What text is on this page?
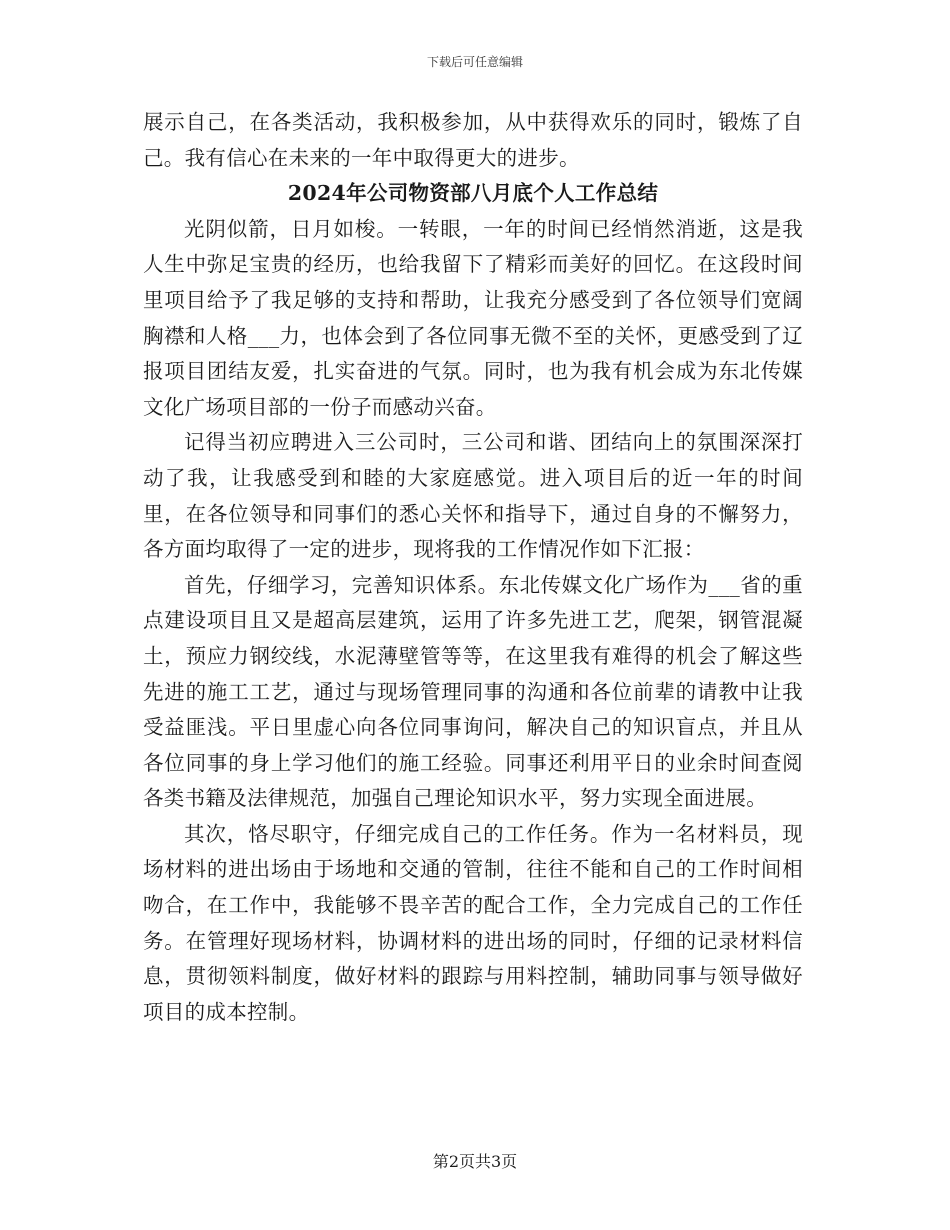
下载后可任意编辑

展示自己，在各类活动，我积极参加，从中获得欢乐的同时，锻炼了自己。我有信心在未来的一年中取得更大的进步。

2024年公司物资部八月底个人工作总结

光阴似箭，日月如梭。一转眼，一年的时间已经悄然消逝，这是我人生中弥足宝贵的经历，也给我留下了精彩而美好的回忆。在这段时间里项目给予了我足够的支持和帮助，让我充分感受到了各位领导们宽阔胸襟和人格___力，也体会到了各位同事无微不至的关怀，更感受到了辽报项目团结友爱，扎实奋进的气氛。同时，也为我有机会成为东北传媒文化广场项目部的一份子而感动兴奋。

记得当初应聘进入三公司时，三公司和谐、团结向上的氛围深深打动了我，让我感受到和睦的大家庭感觉。进入项目后的近一年的时间里，在各位领导和同事们的悉心关怀和指导下，通过自身的不懈努力，各方面均取得了一定的进步，现将我的工作情况作如下汇报：

首先，仔细学习，完善知识体系。东北传媒文化广场作为___省的重点建设项目且又是超高层建筑，运用了许多先进工艺，爬架，钢管混凝土，预应力钢绞线，水泥薄壁管等等，在这里我有难得的机会了解这些先进的施工工艺，通过与现场管理同事的沟通和各位前辈的请教中让我受益匪浅。平日里虚心向各位同事询问，解决自己的知识盲点，并且从各位同事的身上学习他们的施工经验。同事还利用平日的业余时间查阅各类书籍及法律规范，加强自己理论知识水平，努力实现全面进展。

其次，恪尽职守，仔细完成自己的工作任务。作为一名材料员，现场材料的进出场由于场地和交通的管制，往往不能和自己的工作时间相吻合，在工作中，我能够不畏辛苦的配合工作，全力完成自己的工作任务。在管理好现场材料，协调材料的进出场的同时，仔细的记录材料信息，贯彻领料制度，做好材料的跟踪与用料控制，辅助同事与领导做好项目的成本控制。

第2页共3页
